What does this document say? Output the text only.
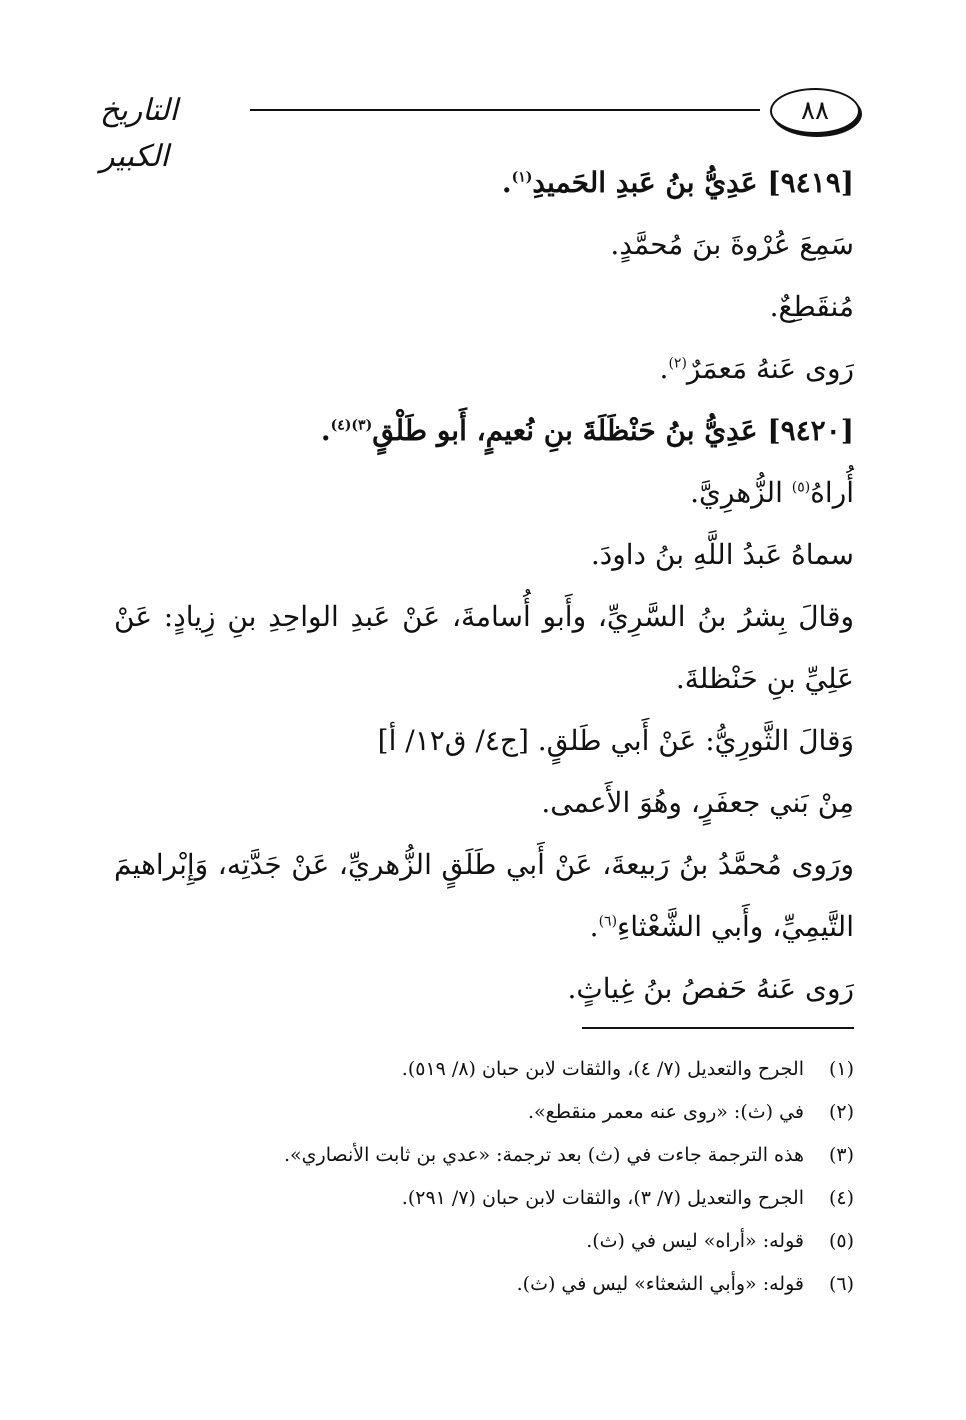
٨٨
التاريخ الكبير
[٩٤١٩] عَدِيُّ بنُ عَبدِ الحَميدِ$^{(١)}$.
سَمِعَ عُرْوةَ بنَ مُحمَّدٍ.
مُنقَطِعٌ.
رَوى عَنهُ مَعمَرٌ$^{(٢)}$.
[٩٤٢٠] عَدِيُّ بنُ حَنْظَلَةَ بنِ نُعيمٍ، أَبو طَلْقٍ$^{(٣)(٤)}$.
أُراهُ$^{(٥)}$ الزُّهرِيَّ.
سماهُ عَبدُ اللَّهِ بنُ داودَ.
وقالَ بِشرُ بنُ السَّرِيِّ، وأَبو أُسامةَ، عَنْ عَبدِ الواحِدِ بنِ زِيادٍ: عَنْ عَلِيِّ بنِ حَنْظلةَ.
وَقالَ الثَّورِيُّ: عَنْ أَبي طَلقٍ. [ج٤/ ق١٢/ أ]
مِنْ بَني جعفَرٍ، وهُوَ الأَعمى.
ورَوى مُحمَّدُ بنُ رَبيعةَ، عَنْ أَبي طَلَقٍ الزُّهريِّ، عَنْ جَدَّتِه، وَإِبْراهيمَ التَّيمِيِّ، وأَبي الشَّعْثاءِ$^{(٦)}$.
رَوى عَنهُ حَفصُ بنُ غِياثٍ.
(١)
الجرح والتعديل (٧/ ٤)، والثقات لابن حبان (٨/ ٥١٩).
(٢)
في (ث): «روى عنه معمر منقطع».
(٣)
هذه الترجمة جاءت في (ث) بعد ترجمة: «عدي بن ثابت الأنصاري».
(٤)
الجرح والتعديل (٧/ ٣)، والثقات لابن حبان (٧/ ٢٩١).
(٥)
قوله: «أراه» ليس في (ث).
(٦)
قوله: «وأبي الشعثاء» ليس في (ث).
